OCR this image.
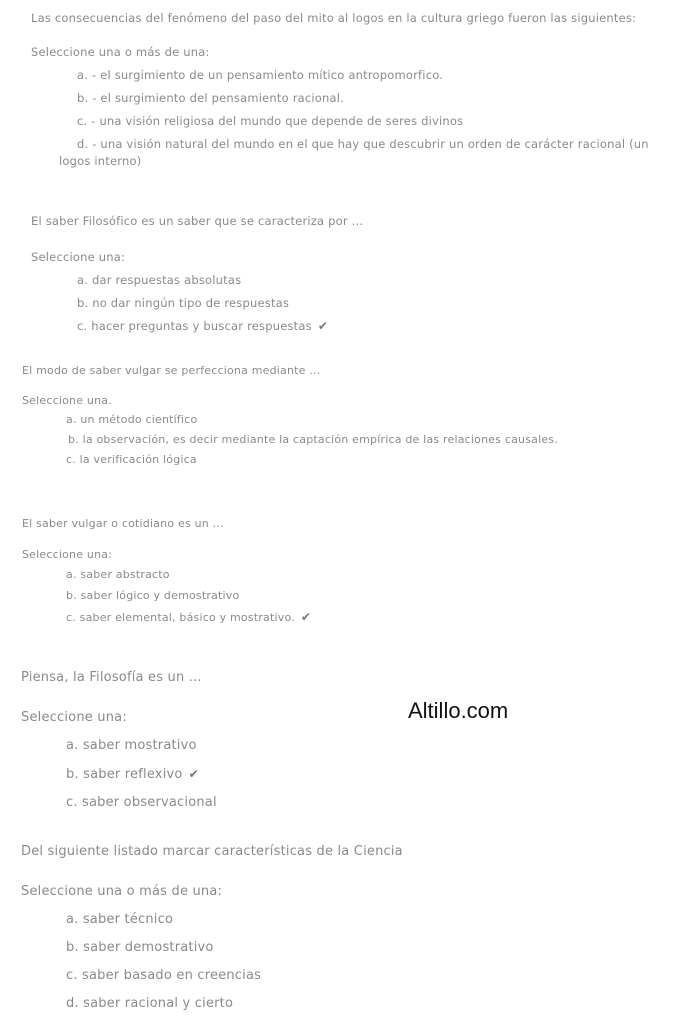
Las consecuencias del fenómeno del paso del mito al logos en la cultura griego fueron las siguientes:

Seleccione una o más de una:

a. - el surgimiento de un pensamiento mítico antropomorfico.
b. - el surgimiento del pensamiento racional.
c. - una visión religiosa del mundo que depende de seres divinos
d. - una visión natural del mundo en el que hay que descubrir un orden de carácter racional (un logos interno)

El saber Filosófico es un saber que se caracteriza por ...

Seleccione una:

a. dar respuestas absolutas
b. no dar ningún tipo de respuestas
c. hacer preguntas y buscar respuestas✔

El modo de saber vulgar se perfecciona mediante ...

Seleccione una.

a. un método científico
b. la observación, es decir mediante la captación empírica de las relaciones causales.
c. la verificación lógica

El saber vulgar o cotidiano es un ...

Seleccione una:

a. saber abstracto
b. saber lógico y demostrativo
c. saber elemental, básico y mostrativo.✔

Piensa, la Filosofía es un ...

Seleccione una:

a. saber mostrativo
b. saber reflexivo✔
c. saber observacional

Del siguiente listado marcar características de la Ciencia

Seleccione una o más de una:

a. saber técnico
b. saber demostrativo
c. saber basado en creencias
d. saber racional y cierto
Altillo.com
